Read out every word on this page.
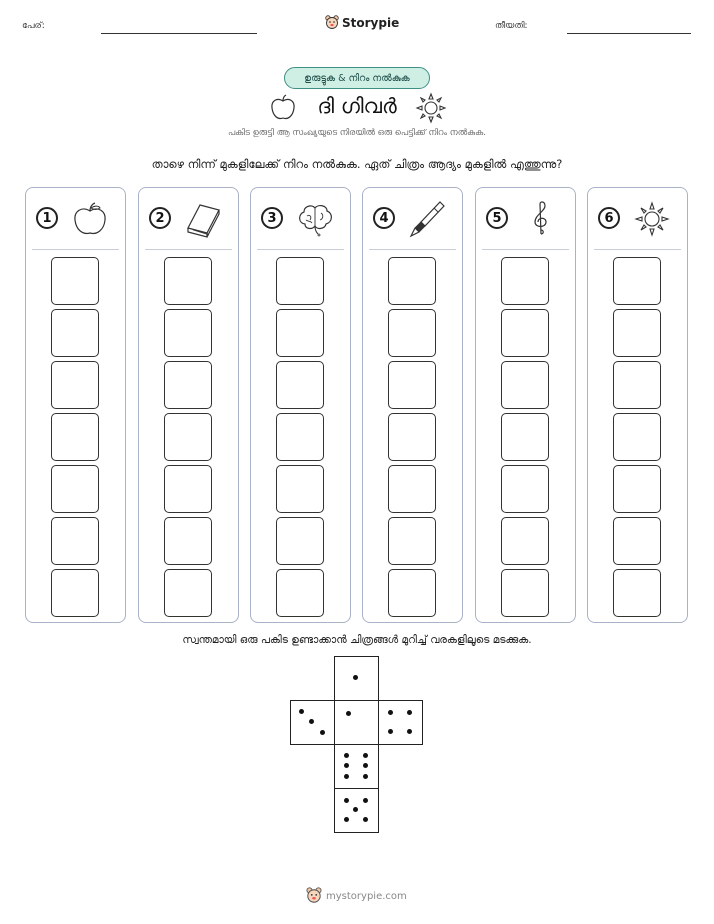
പേര്:	Storypie	തീയതി:
ഉരുട്ടുക & നിറം നൽകുക
ദി ഗിവർ
പകിട ഉരുട്ടി ആ സംഖ്യയുടെ നിരയിൽ ഒരു പെട്ടിക്ക് നിറം നൽകുക.
താഴെ നിന്ന് മുകളിലേക്ക് നിറം നൽകുക. ഏത് ചിത്രം ആദ്യം മുകളിൽ എത്തുന്നു?
1	2	3	4	5	6
സ്വന്തമായി ഒരു പകിട ഉണ്ടാക്കാൻ ചിത്രങ്ങൾ മുറിച്ച് വരകളിലൂടെ മടക്കുക.
mystorypie.com
